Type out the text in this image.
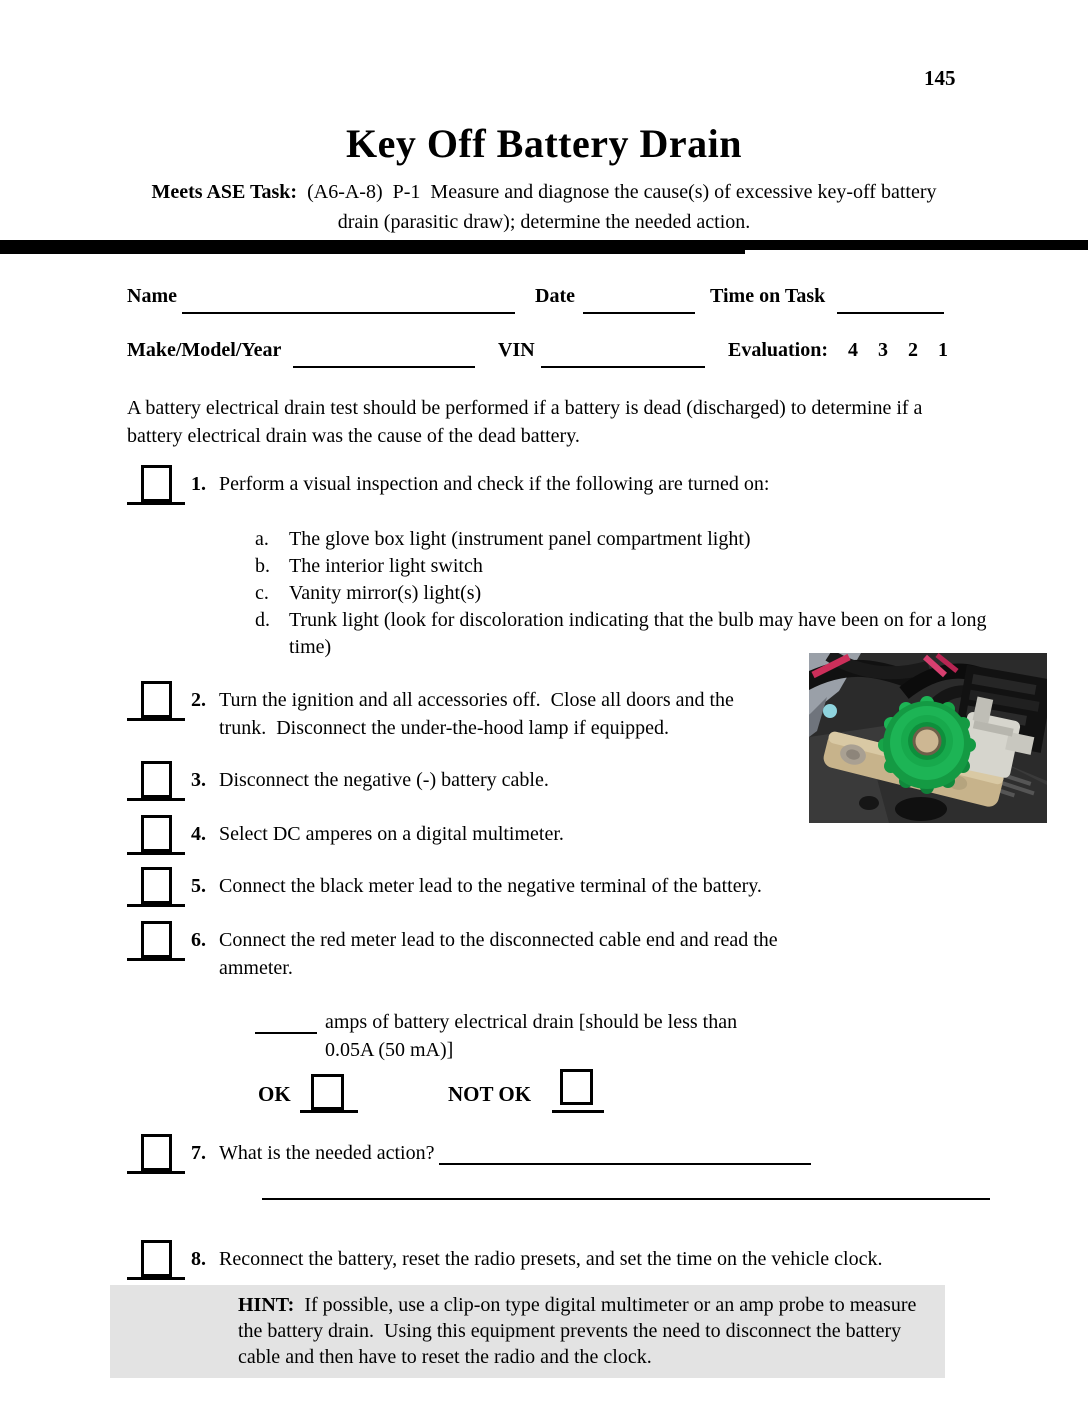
145
Key Off Battery Drain
Meets ASE Task:  (A6-A-8)  P-1  Measure and diagnose the cause(s) of excessive key-off battery drain (parasitic draw); determine the needed action.
Name	Date	Time on Task
Make/Model/Year	VIN	Evaluation: 4    3    2    1
A battery electrical drain test should be performed if a battery is dead (discharged) to determine if a battery electrical drain was the cause of the dead battery.
1. Perform a visual inspection and check if the following are turned on:
a.	The glove box light (instrument panel compartment light)
b. The interior light switch
c.	Vanity mirror(s) light(s)
d. Trunk light (look for discoloration indicating that the bulb may have been on for a long time)
2. Turn the ignition and all accessories off.  Close all doors and the trunk.  Disconnect the under-the-hood lamp if equipped.
3. Disconnect the negative (-) battery cable.
4. Select DC amperes on a digital multimeter.
5. Connect the black meter lead to the negative terminal of the battery.
6. Connect the red meter lead to the disconnected cable end and read the ammeter.
amps of battery electrical drain [should be less than
0.05A (50 mA)]
OK	NOT OK
7. What is the needed action?
8. Reconnect the battery, reset the radio presets, and set the time on the vehicle clock.
HINT:  If possible, use a clip-on type digital multimeter or an amp probe to measure the battery drain.  Using this equipment prevents the need to disconnect the battery cable and then have to reset the radio and the clock.
